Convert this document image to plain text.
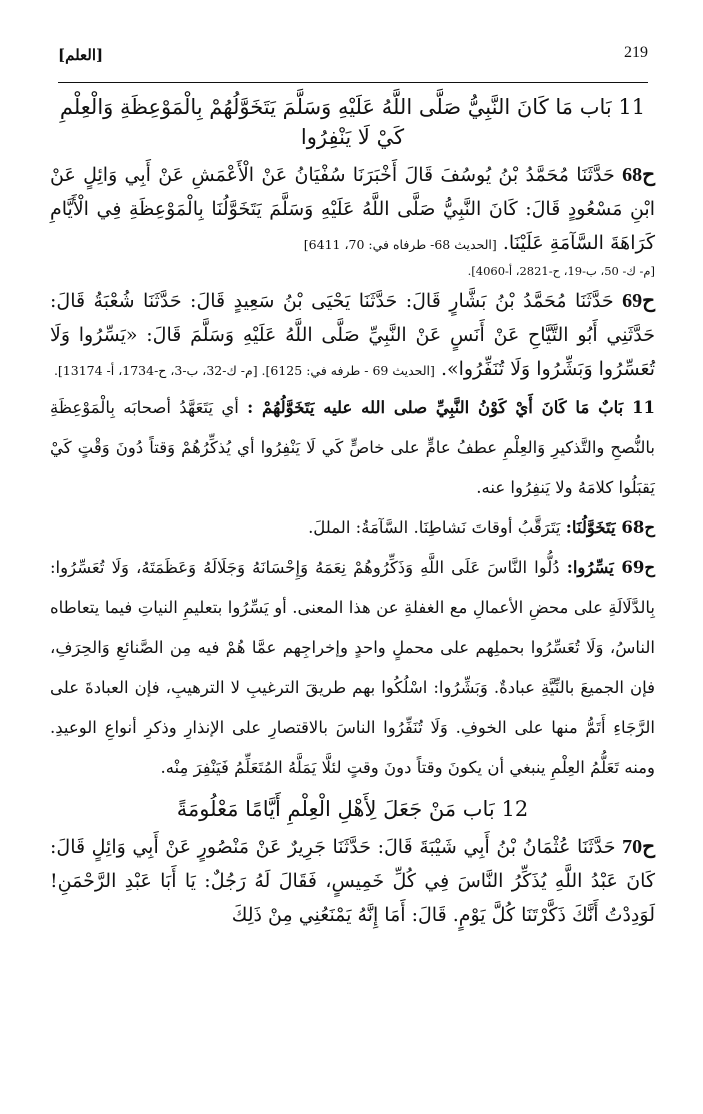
219
[العلم]

11 بَاب مَا كَانَ النَّبِيُّ صَلَّى اللَّهُ عَلَيْهِ وَسَلَّمَ يَتَخَوَّلُهُمْ بِالْمَوْعِظَةِ وَالْعِلْمِ كَيْ لَا يَنْفِرُوا

ح68 حَدَّثَنَا مُحَمَّدُ بْنُ يُوسُفَ قَالَ أَخْبَرَنَا سُفْيَانُ عَنْ الْأَعْمَشِ عَنْ أَبِي وَائِلٍ عَنْ ابْنِ مَسْعُودٍ قَالَ: كَانَ النَّبِيُّ صَلَّى اللَّهُ عَلَيْهِ وَسَلَّمَ يَتَخَوَّلُنَا بِالْمَوْعِظَةِ فِي الْأَيَّامِ كَرَاهَةَ السَّآمَةِ عَلَيْنَا. [الحديث 68- طرفاه في: 70، 6411]

[م- ك- 50، ب-19، ح-2821، أ-4060].

ح69 حَدَّثَنَا مُحَمَّدُ بْنُ بَشَّارٍ قَالَ: حَدَّثَنَا يَحْيَى بْنُ سَعِيدٍ قَالَ: حَدَّثَنَا شُعْبَةُ قَالَ: حَدَّثَنِي أَبُو التَّيَّاحِ عَنْ أَنَسٍ عَنْ النَّبِيِّ صَلَّى اللَّهُ عَلَيْهِ وَسَلَّمَ قَالَ: «يَسِّرُوا وَلَا تُعَسِّرُوا وَبَشِّرُوا وَلَا تُنَفِّرُوا». [الحديث 69 - طرفه في: 6125]. [م- ك-32، ب-3، ح-1734، أ- 13174].

11 بَابٌ مَا كَانَ أَيْ كَوْنُ النَّبِيِّ صلى الله عليه يَتَخَوَّلُهُمْ : أي يَتَعَهَّدُ أصحابَه بِالْمَوْعِظَةِ بالنُّصحِ والتَّذكيرِ وَالعِلْمِ عطفُ عامٍّ على خاصٍّ كَي لَا يَنْفِرُوا أي يُذكِّرُهُمْ وَقتاً دُونَ وَقْتٍ كَيْ يَقبَلُوا كلامَهُ ولا يَنفِرُوا عنه.

ح68 يَتَخَوَّلُنَا: يَتَرَقَّبُ أوقاتَ نَشاطِنَا. السَّآمَةُ: المللَ.

ح69 يَسِّرُوا: دُلُّوا النَّاسَ عَلَى اللَّهِ وَذَكِّرُوهُمْ نِعَمَهُ وَإِحْسَانَهُ وَجَلَالَهُ وَعَظَمَتَهُ، وَلَا تُعَسِّرُوا: بِالدَّلَالَةِ على محضِ الأعمالِ مع الغفلةِ عن هذا المعنى. أو يَسِّرُوا بتعليمِ النياتِ فيما يتعاطاه الناسُ، وَلَا تُعَسِّرُوا بحملِهم على محملٍ واحدٍ وإخراجِهم عمَّا هُمْ فيه مِن الصَّنائعِ وَالحِرَفِ، فإن الجميعَ بالنِّيَّةِ عبادةٌ. وَبَشِّرُوا: اسْلُكُوا بهم طريقَ الترغيبِ لا الترهيبِ، فإن العبادةَ على الرَّجَاءِ أَتَمُّ منها على الخوفِ. وَلَا تُنَفِّرُوا الناسَ بالاقتصارِ على الإنذارِ وذكرِ أنواعِ الوعيدِ. ومنه تَعَلُّمُ العِلْمِ ينبغي أن يكونَ وقتاً دونَ وقتٍ لئلَّا يَمَلَّهُ المُتَعَلِّمُ فَيَنْفِرَ مِنْه.

12 بَاب مَنْ جَعَلَ لِأَهْلِ الْعِلْمِ أَيَّامًا مَعْلُومَةً

ح70 حَدَّثَنَا عُثْمَانُ بْنُ أَبِي شَيْبَةَ قَالَ: حَدَّثَنَا جَرِيرٌ عَنْ مَنْصُورٍ عَنْ أَبِي وَائِلٍ قَالَ: كَانَ عَبْدُ اللَّهِ يُذَكِّرُ النَّاسَ فِي كُلِّ خَمِيسٍ، فَقَالَ لَهُ رَجُلٌ: يَا أَبَا عَبْدِ الرَّحْمَنِ! لَوَدِدْتُ أَنَّكَ ذَكَّرْتَنَا كُلَّ يَوْمٍ. قَالَ: أَمَا إِنَّهُ يَمْنَعُنِي مِنْ ذَلِكَ
